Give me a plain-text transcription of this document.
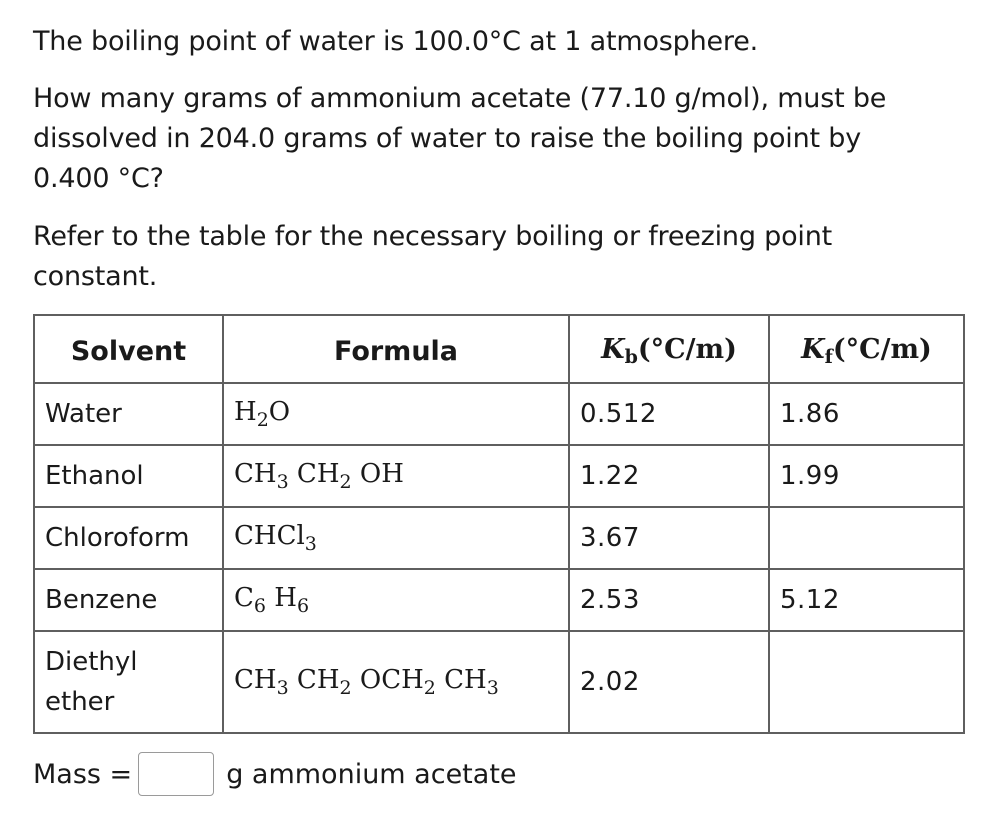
The boiling point of water is 100.0°C at 1 atmosphere.

How many grams of ammonium acetate (77.10 g/mol), must be dissolved in 204.0 grams of water to raise the boiling point by 0.400 °C?

Refer to the table for the necessary boiling or freezing point constant.

Solvent	Formula	$K_b(^\circ C/m)$	$K_f(^\circ C/m)$
Water	$H_2O$	0.512	1.86
Ethanol	$CH_3$ $CH_2$ OH	1.22	1.99
Chloroform	CHCl$_3$	3.67	
Benzene	$C_6$ $H_6$	2.53	5.12
Diethyl ether	$CH_3$ $CH_2$ $OCH_2$ $CH_3$	2.02	
Mass =	g ammonium acetate
